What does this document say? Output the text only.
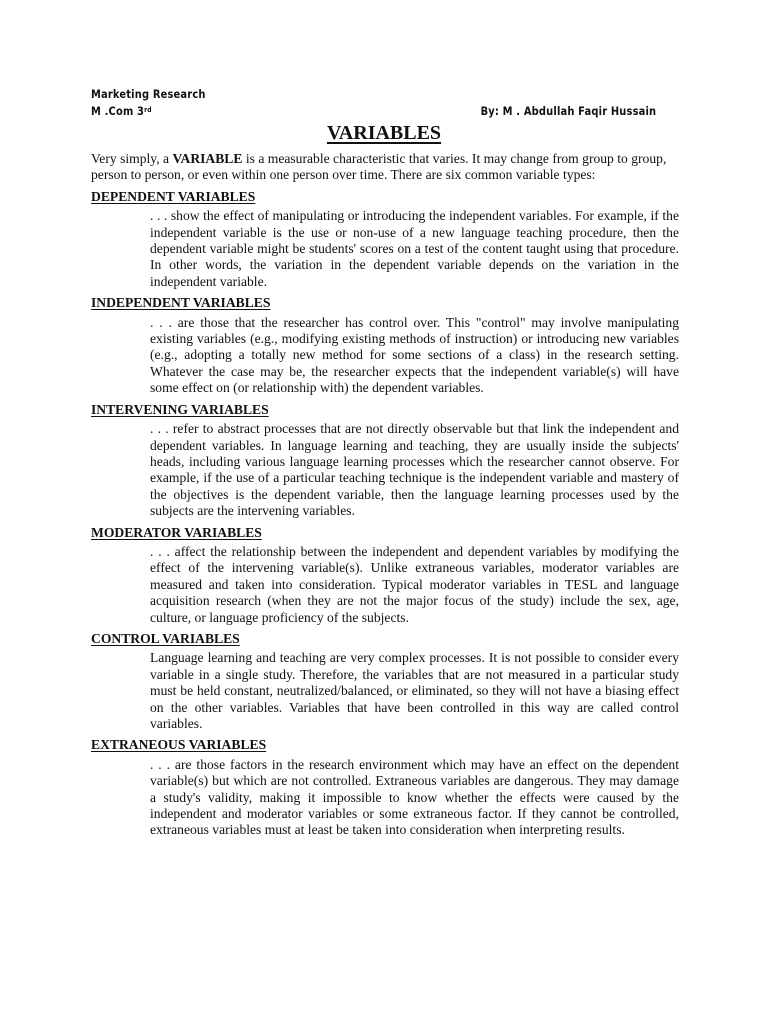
Marketing Research
M .Com 3rd	By: M . Abdullah Faqir Hussain
VARIABLES

Very simply, a VARIABLE is a measurable characteristic that varies. It may change from group to group, person to person, or even within one person over time. There are six common variable types:

DEPENDENT VARIABLES
. . . show the effect of manipulating or introducing the independent variables. For example, if the independent variable is the use or non-use of a new language teaching procedure, then the dependent variable might be students' scores on a test of the content taught using that procedure. In other words, the variation in the dependent variable depends on the variation in the independent variable.
INDEPENDENT VARIABLES
. . . are those that the researcher has control over. This "control" may involve manipulating existing variables (e.g., modifying existing methods of instruction) or introducing new variables (e.g., adopting a totally new method for some sections of a class) in the research setting. Whatever the case may be, the researcher expects that the independent variable(s) will have some effect on (or relationship with) the dependent variables.
INTERVENING VARIABLES
. . . refer to abstract processes that are not directly observable but that link the independent and dependent variables. In language learning and teaching, they are usually inside the subjects' heads, including various language learning processes which the researcher cannot observe. For example, if the use of a particular teaching technique is the independent variable and mastery of the objectives is the dependent variable, then the language learning processes used by the subjects are the intervening variables.
MODERATOR VARIABLES
. . . affect the relationship between the independent and dependent variables by modifying the effect of the intervening variable(s). Unlike extraneous variables, moderator variables are measured and taken into consideration. Typical moderator variables in TESL and language acquisition research (when they are not the major focus of the study) include the sex, age, culture, or language proficiency of the subjects.
CONTROL VARIABLES
Language learning and teaching are very complex processes. It is not possible to consider every variable in a single study. Therefore, the variables that are not measured in a particular study must be held constant, neutralized/balanced, or eliminated, so they will not have a biasing effect on the other variables. Variables that have been controlled in this way are called control variables.
EXTRANEOUS VARIABLES
. . . are those factors in the research environment which may have an effect on the dependent variable(s) but which are not controlled. Extraneous variables are dangerous. They may damage a study's validity, making it impossible to know whether the effects were caused by the independent and moderator variables or some extraneous factor. If they cannot be controlled, extraneous variables must at least be taken into consideration when interpreting results.
